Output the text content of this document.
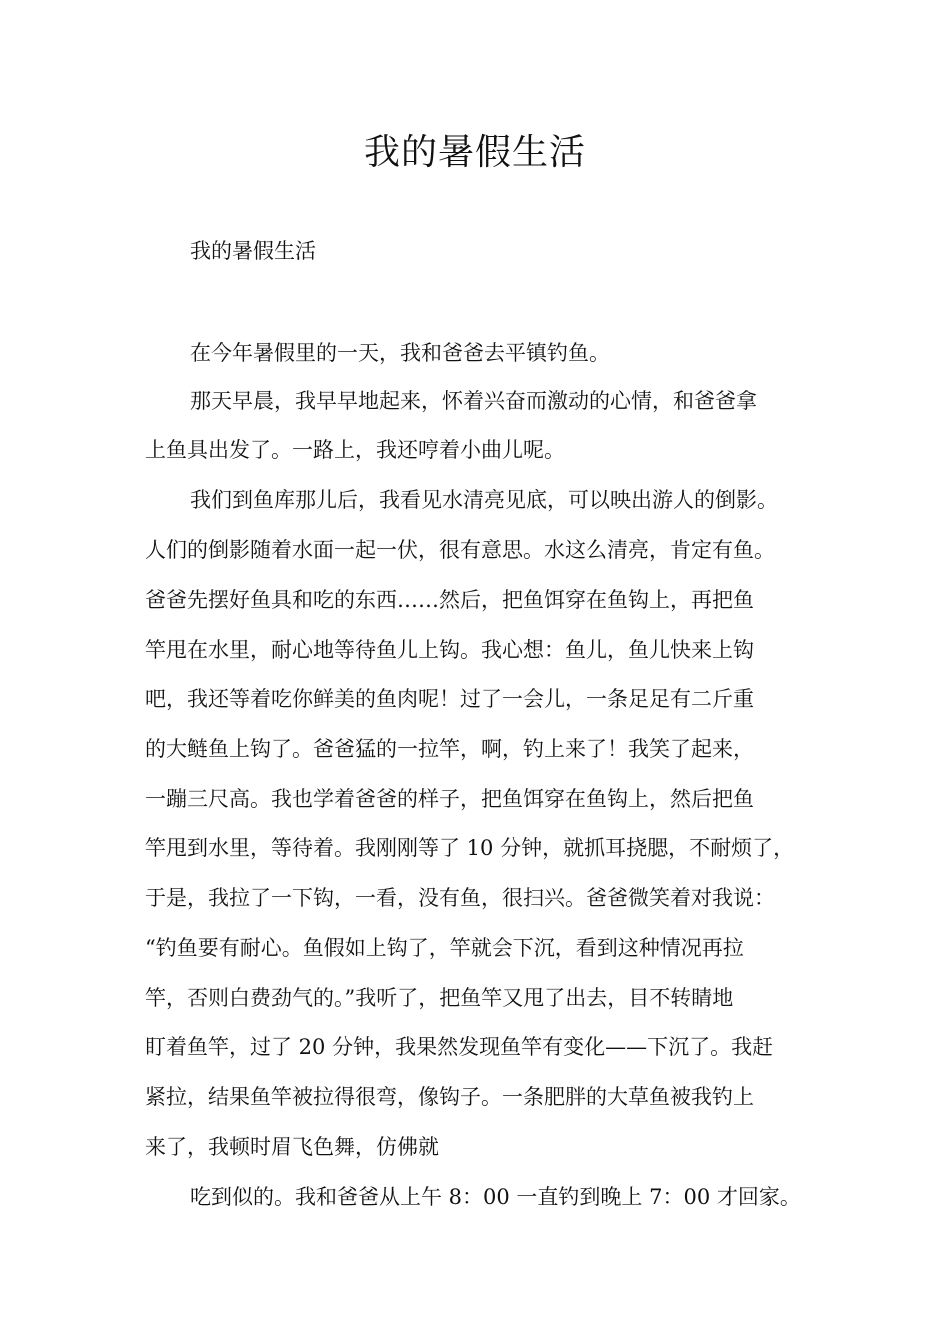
我的暑假生活
我的暑假生活
在今年暑假里的一天，我和爸爸去平镇钓鱼。
那天早晨，我早早地起来，怀着兴奋而激动的心情，和爸爸拿
上鱼具出发了。一路上，我还哼着小曲儿呢。
我们到鱼库那儿后，我看见水清亮见底，可以映出游人的倒影。
人们的倒影随着水面一起一伏，很有意思。水这么清亮，肯定有鱼。
爸爸先摆好鱼具和吃的东西……然后，把鱼饵穿在鱼钩上，再把鱼
竿甩在水里，耐心地等待鱼儿上钩。我心想：鱼儿，鱼儿快来上钩
吧，我还等着吃你鲜美的鱼肉呢！过了一会儿，一条足足有二斤重
的大鲢鱼上钩了。爸爸猛的一拉竿，啊，钓上来了！我笑了起来，
一蹦三尺高。我也学着爸爸的样子，把鱼饵穿在鱼钩上，然后把鱼
竿甩到水里，等待着。我刚刚等了 10 分钟，就抓耳挠腮，不耐烦了，
于是，我拉了一下钩，一看，没有鱼，很扫兴。爸爸微笑着对我说：
“钓鱼要有耐心。鱼假如上钩了，竿就会下沉，看到这种情况再拉
竿，否则白费劲气的。”我听了，把鱼竿又甩了出去，目不转睛地
盯着鱼竿，过了 20 分钟，我果然发现鱼竿有变化——下沉了。我赶
紧拉，结果鱼竿被拉得很弯，像钩子。一条肥胖的大草鱼被我钓上
来了，我顿时眉飞色舞，仿佛就
吃到似的。我和爸爸从上午 8：00 一直钓到晚上 7：00 才回家。
